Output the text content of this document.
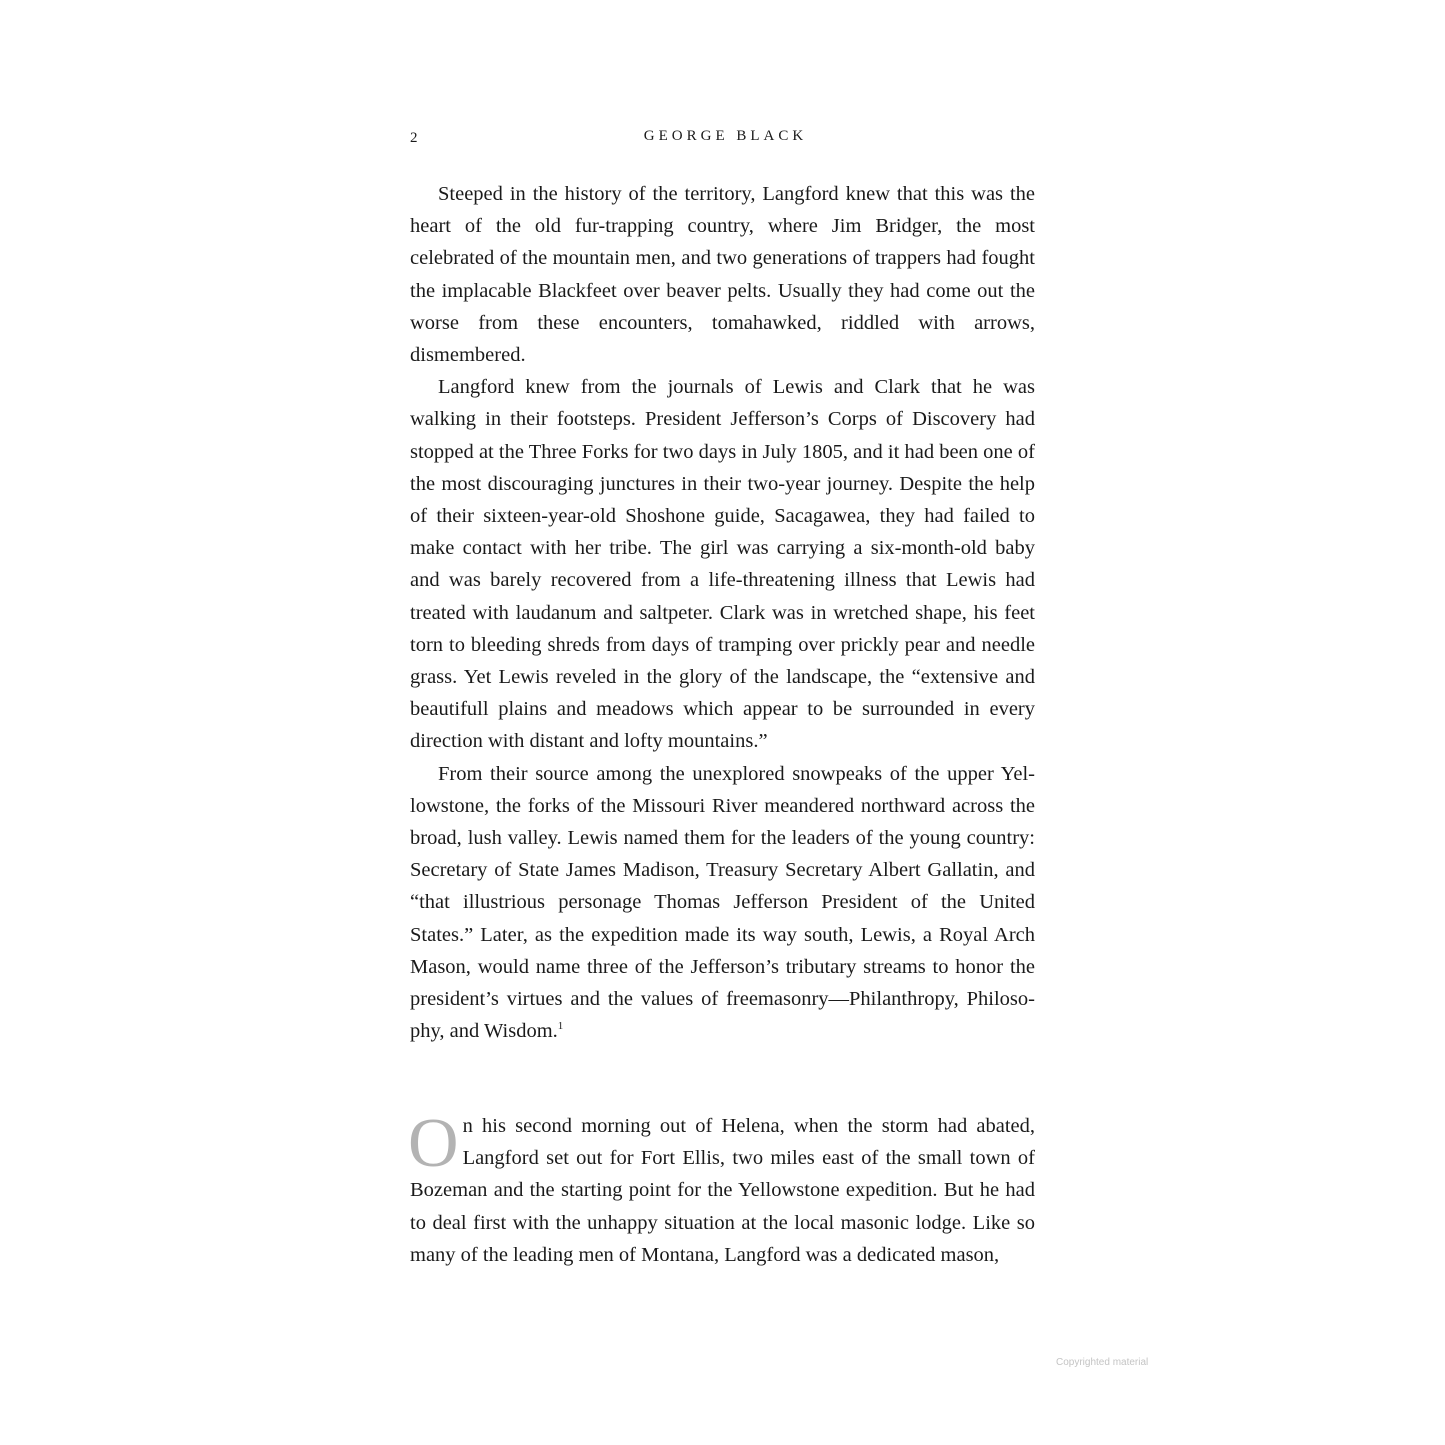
2	GEORGE BLACK

Steeped in the history of the territory, Langford knew that this was the heart of the old fur-trapping country, where Jim Bridger, the most celebrated of the mountain men, and two generations of trappers had fought the implacable Blackfeet over beaver pelts. Usually they had come out the worse from these encounters, tomahawked, riddled with arrows, dismembered.

Langford knew from the journals of Lewis and Clark that he was walking in their footsteps. President Jefferson’s Corps of Discovery had stopped at the Three Forks for two days in July 1805, and it had been one of the most discouraging junctures in their two-year journey. Despite the help of their sixteen-year-old Shoshone guide, Sacagawea, they had failed to make contact with her tribe. The girl was carrying a six-month-old baby and was barely recovered from a life-threatening illness that Lewis had treated with laudanum and saltpeter. Clark was in wretched shape, his feet torn to bleeding shreds from days of tramping over prickly pear and needle grass. Yet Lewis reveled in the glory of the landscape, the “extensive and beautifull plains and meadows which appear to be surrounded in every direction with distant and lofty mountains.”

From their source among the unexplored snowpeaks of the upper Yellowstone, the forks of the Missouri River meandered northward across the broad, lush valley. Lewis named them for the leaders of the young country: Secretary of State James Madison, Treasury Secretary Albert Gallatin, and “that illustrious personage Thomas Jefferson President of the United States.” Later, as the expedition made its way south, Lewis, a Royal Arch Mason, would name three of the Jefferson’s tributary streams to honor the president’s virtues and the values of freemasonry—Philanthropy, Philosophy, and Wisdom.$^1$

On his second morning out of Helena, when the storm had abated, Langford set out for Fort Ellis, two miles east of the small town of Bozeman and the starting point for the Yellowstone expedition. But he had to deal first with the unhappy situation at the local masonic lodge. Like so many of the leading men of Montana, Langford was a dedicated mason,

Copyrighted material
